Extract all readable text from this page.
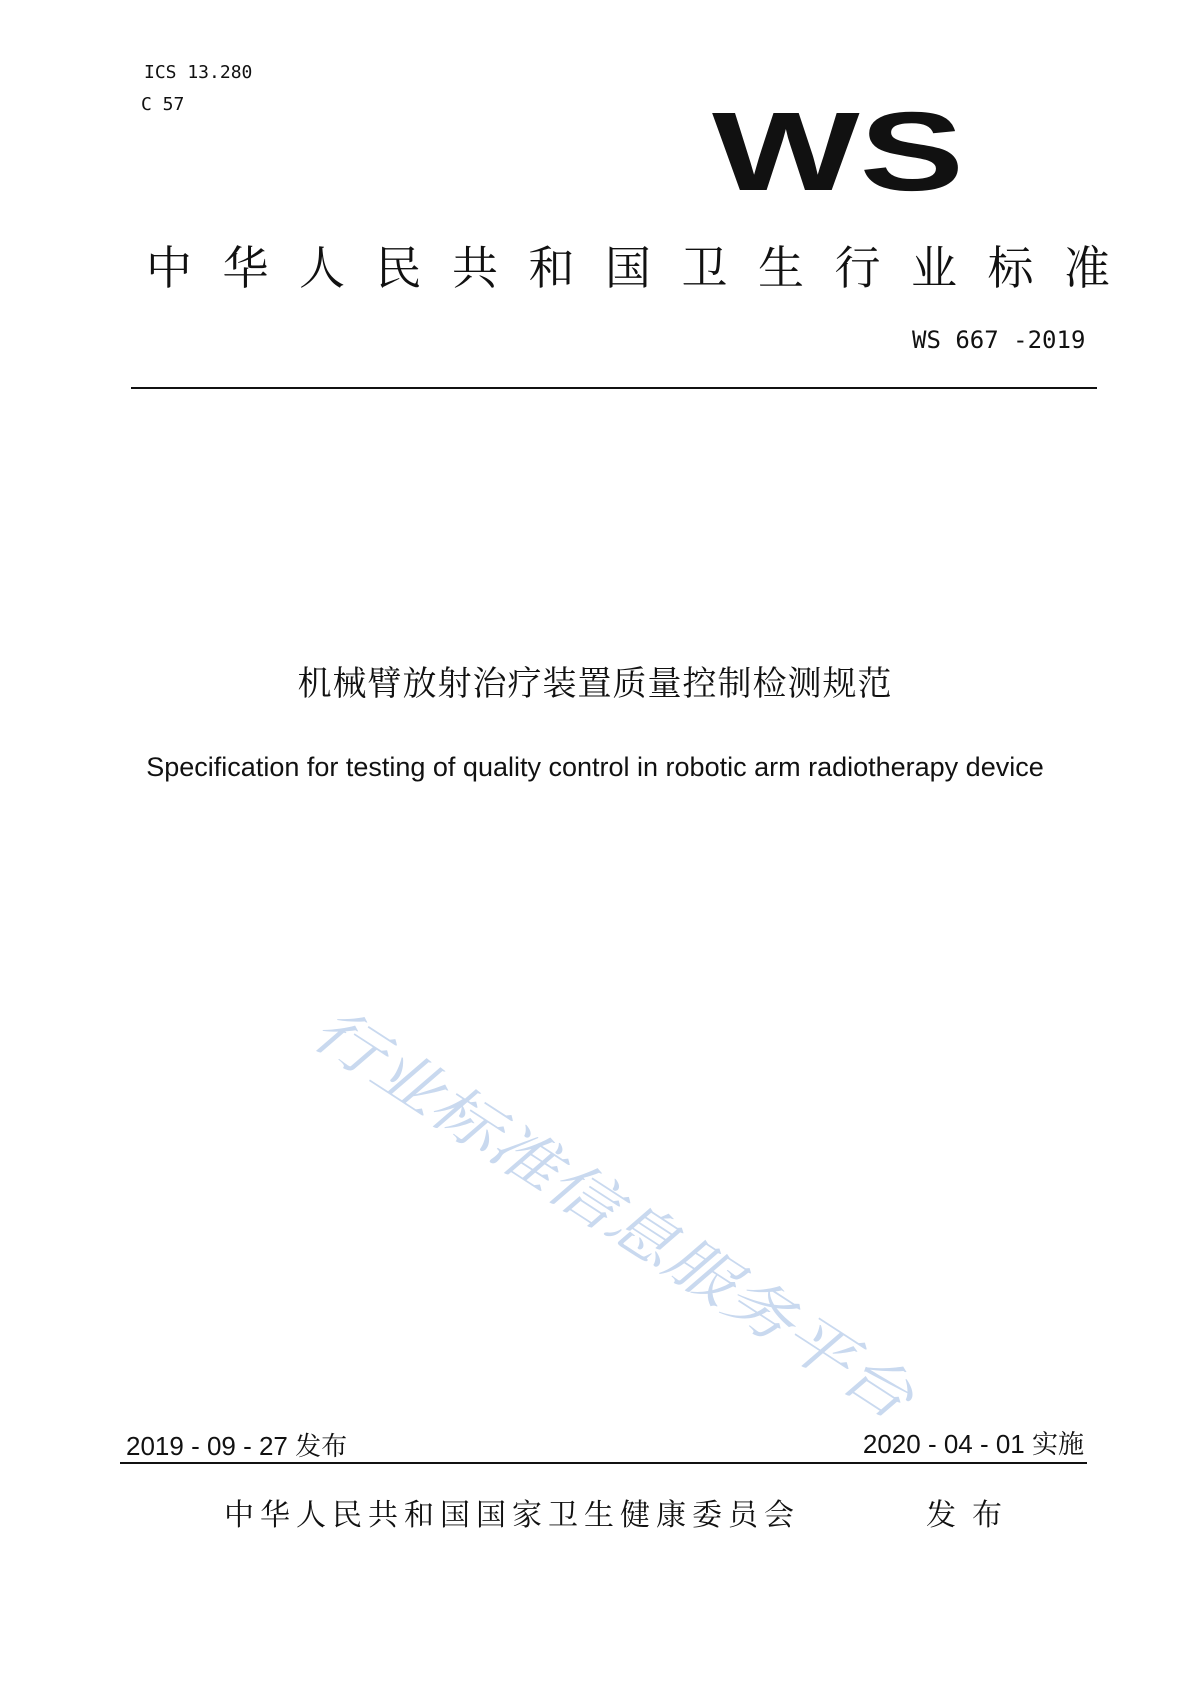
ICS 13.280
C 57	WS
中华人民共和国卫生行业标准
WS 667 -2019
机械臂放射治疗装置质量控制检测规范
Specification for testing of quality control in robotic arm radiotherapy device
行业标准信息服务平台
2019 - 09 - 27 发布	2020 - 04 - 01 实施
中华人民共和国国家卫生健康委员会	发布
